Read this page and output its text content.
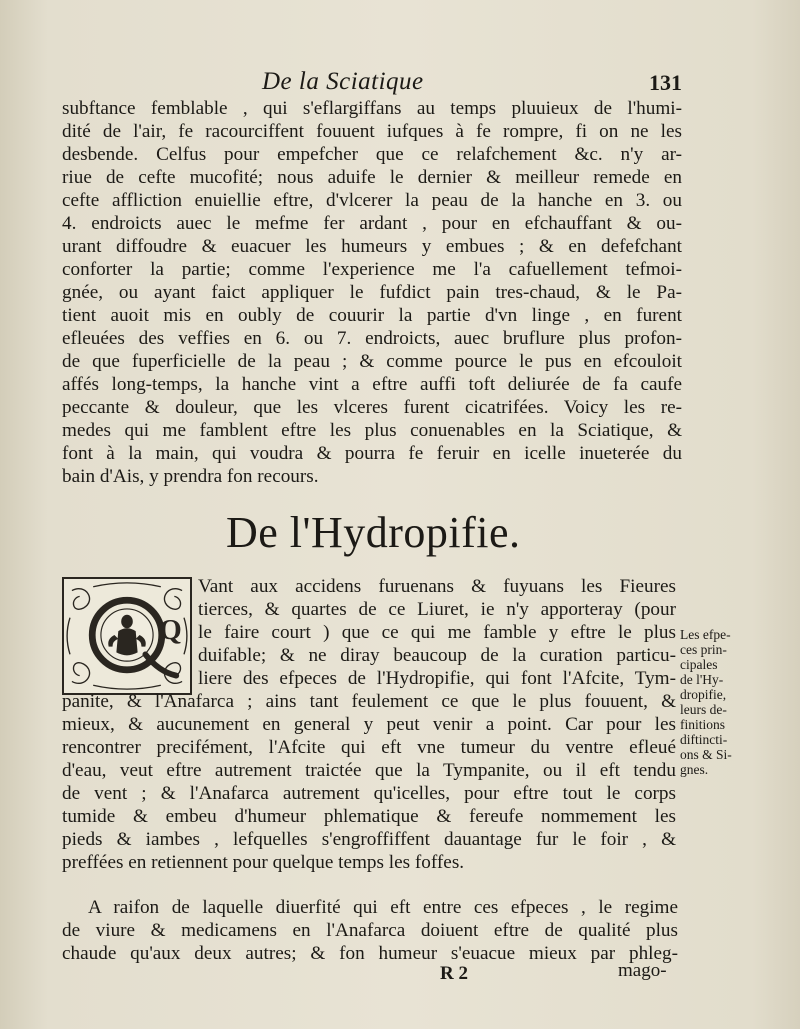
De la Sciatique	131
subftance femblable , qui s'eflargiffans au temps pluuieux de l'humi-
dité de l'air, fe racourciffent fouuent iufques à fe rompre, fi on ne les
desbende. Celfus pour empefcher que ce relafchement &c. n'y ar-
riue de cefte mucofité; nous aduife le dernier & meilleur remede en
cefte affliction enuiellie eftre, d'vlcerer la peau de la hanche en 3. ou
4. endroicts auec le mefme fer ardant , pour en efchauffant & ou-
urant diffoudre & euacuer les humeurs y embues ; & en defefchant
conforter la partie; comme l'experience me l'a cafuellement tefmoi-
gnée, ou ayant faict appliquer le fufdict pain tres-chaud, & le Pa-
tient auoit mis en oubly de couurir la partie d'vn linge , en furent
efleuées des veffies en 6. ou 7. endroicts, auec bruflure plus profon-
de que fuperficielle de la peau ; & comme pource le pus en efcouloit
affés long-temps, la hanche vint a eftre auffi toft deliurée de fa caufe
peccante & douleur, que les vlceres furent cicatrifées. Voicy les re-
medes qui me famblent eftre les plus conuenables en la Sciatique, &
font à la main, qui voudra & pourra fe feruir en icelle inueterée du
bain d'Ais, y prendra fon recours.
De l'Hydropifie.
Q
Vant aux accidens furuenans & fuyuans les Fieures
tierces, & quartes de ce Liuret, ie n'y apporteray (pour
le faire court ) que ce qui me famble y eftre le plus
duifable; & ne diray beaucoup de la curation particu-
liere des efpeces de l'Hydropifie, qui font l'Afcite, Tym-
panite, & l'Anafarca ; ains tant feulement ce que le plus fouuent, &
mieux, & aucunement en general y peut venir a point. Car pour les
rencontrer precifément, l'Afcite qui eft vne tumeur du ventre efleué
d'eau, veut eftre autrement traictée que la Tympanite, ou il eft tendu
de vent ; & l'Anafarca autrement qu'icelles, pour eftre tout le corps
tumide & embeu d'humeur phlematique & fereufe nommement les
pieds & iambes , lefquelles s'engroffiffent dauantage fur le foir , &
preffées en retiennent pour quelque temps les foffes.
Les efpe-
ces prin-
cipales
de l'Hy-
dropifie,
leurs de-
finitions
diftincti-
ons & Si-
gnes.
A raifon de laquelle diuerfité qui eft entre ces efpeces , le regime
de viure & medicamens en l'Anafarca doiuent eftre de qualité plus
chaude qu'aux deux autres; & fon humeur s'euacue mieux par phleg-
R 2	mago-
